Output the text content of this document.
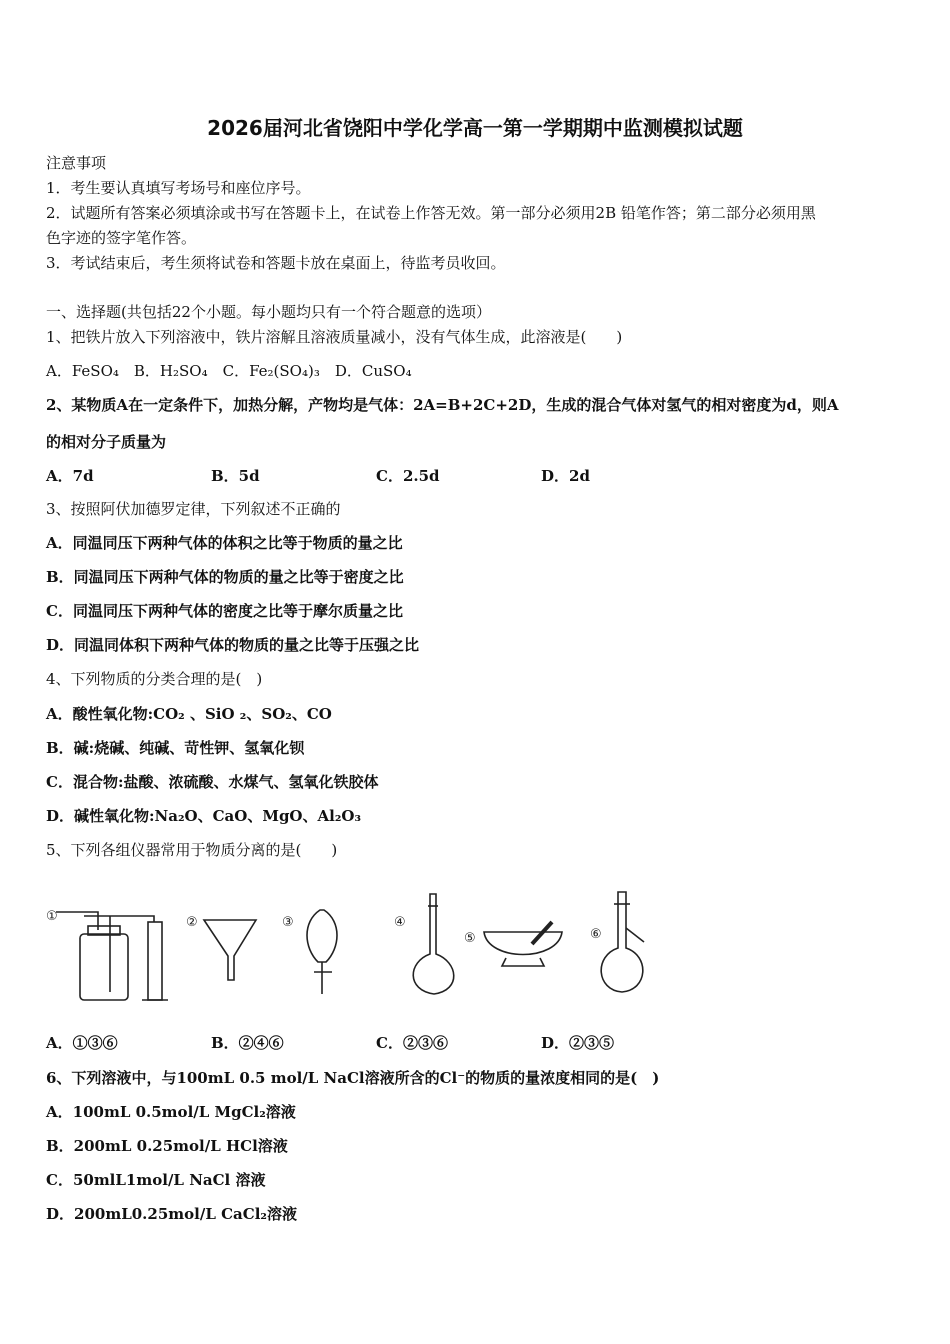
2026届河北省饶阳中学化学高一第一学期期中监测模拟试题
注意事项
1．考生要认真填写考场号和座位序号。
2．试题所有答案必须填涂或书写在答题卡上，在试卷上作答无效。第一部分必须用2B 铅笔作答；第二部分必须用黑
色字迹的签字笔作答。
3．考试结束后，考生须将试卷和答题卡放在桌面上，待监考员收回。
一、选择题(共包括22个小题。每小题均只有一个符合题意的选项）
1、把铁片放入下列溶液中，铁片溶解且溶液质量减小，没有气体生成，此溶液是(　　)
A．FeSO₄　B．H₂SO₄　C．Fe₂(SO₄)₃　D．CuSO₄
2、某物质A在一定条件下，加热分解，产物均是气体：2A=B+2C+2D，生成的混合气体对氢气的相对密度为d，则A
的相对分子质量为
A．7d	B．5d	C．2.5d	D．2d
3、按照阿伏加德罗定律，下列叙述不正确的
A．同温同压下两种气体的体积之比等于物质的量之比
B．同温同压下两种气体的物质的量之比等于密度之比
C．同温同压下两种气体的密度之比等于摩尔质量之比
D．同温同体积下两种气体的物质的量之比等于压强之比
4、下列物质的分类合理的是(　)
A．酸性氧化物:CO₂ 、SiO ₂、SO₂、CO
B．碱:烧碱、纯碱、苛性钾、氢氧化钡
C．混合物:盐酸、浓硫酸、水煤气、氢氧化铁胶体
D．碱性氧化物:Na₂O、CaO、MgO、Al₂O₃
5、下列各组仪器常用于物质分离的是(　　)
①	②	③	④
⑤	⑥
A．①③⑥	B．②④⑥	C．②③⑥	D．②③⑤
6、下列溶液中，与100mL 0.5 mol/L NaCl溶液所含的Cl⁻的物质的量浓度相同的是(　)
A．100mL 0.5mol/L MgCl₂溶液
B．200mL 0.25mol/L HCl溶液
C．50mlL1mol/L NaCl 溶液
D．200mL0.25mol/L CaCl₂溶液
